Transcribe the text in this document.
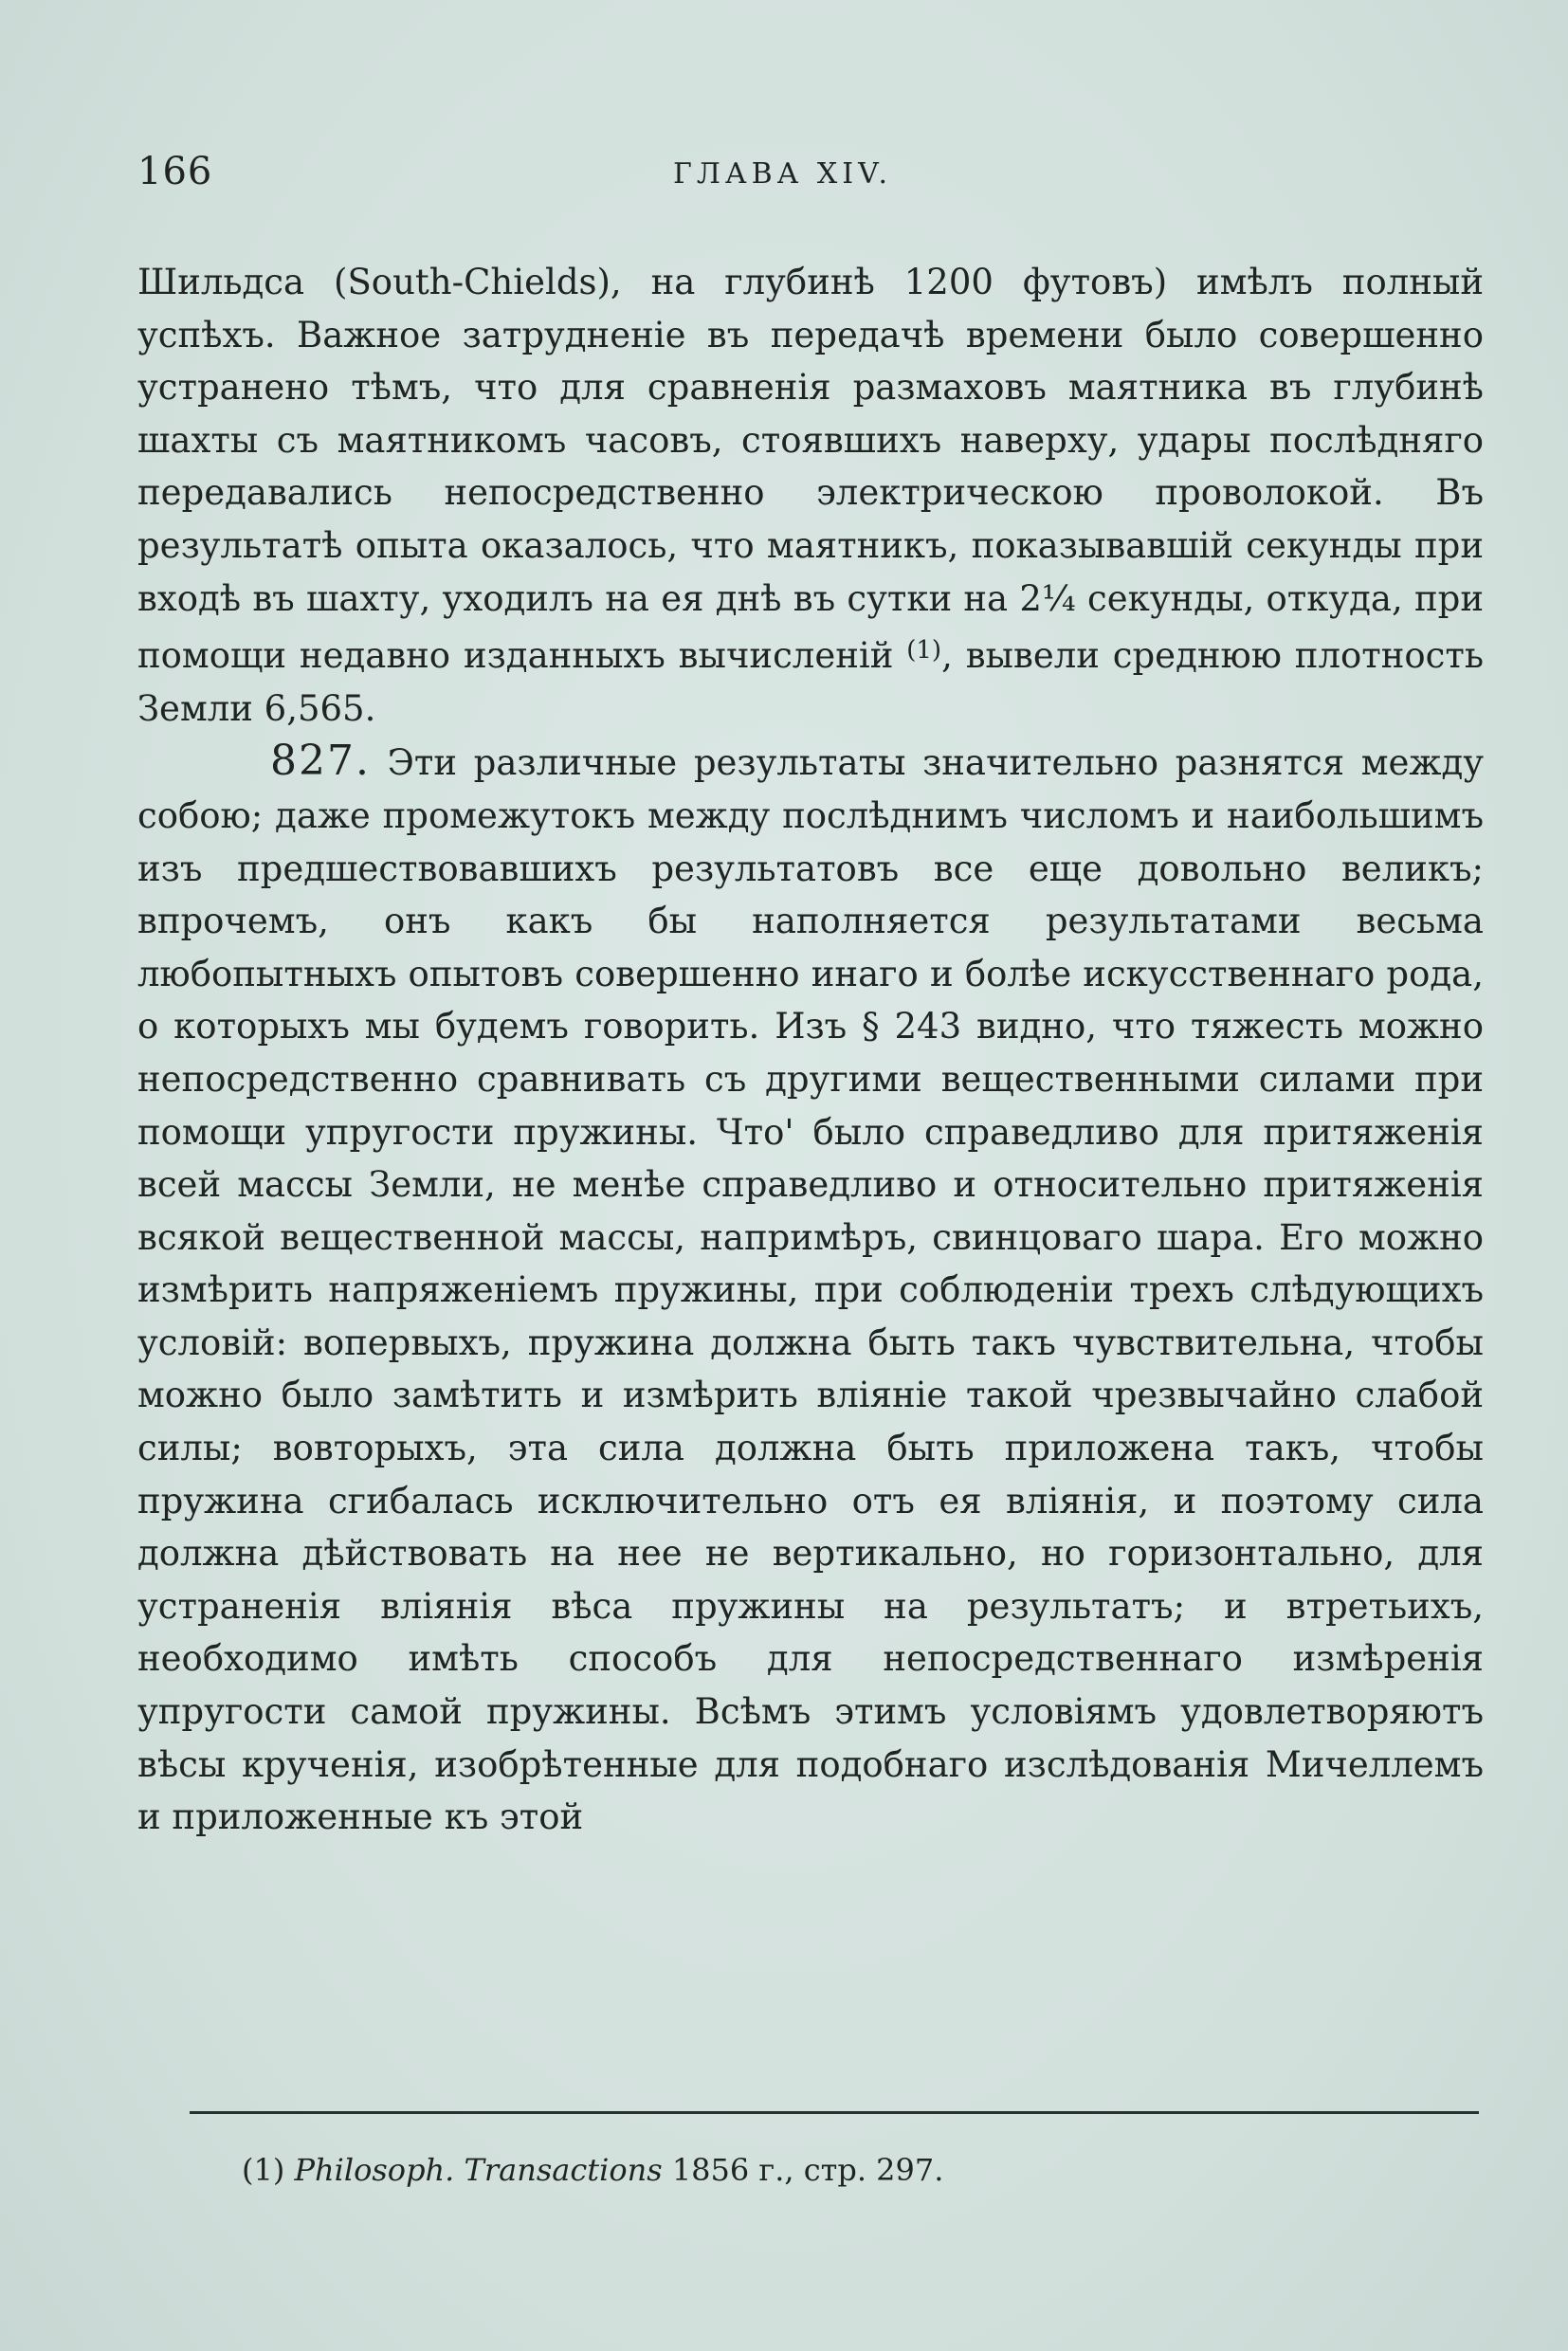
166	ГЛАВА XIV.

Шильдса (South-Chields), на глубинѣ 1200 футовъ) имѣлъ полный успѣхъ. Важное затрудненіе въ передачѣ времени было совершенно устранено тѣмъ, что для сравненія размаховъ маятника въ глубинѣ шахты съ маятникомъ часовъ, стоявшихъ наверху, удары послѣдняго передавались непосредственно электрическою проволокой. Въ результатѣ опыта оказалось, что маятникъ, показывавшій секунды при входѣ въ шахту, уходилъ на ея днѣ въ сутки на 2¼ секунды, откуда, при помощи недавно изданныхъ вычисленій $^{(1)}$, вывели среднюю плотность Земли 6,565.

827. Эти различные результаты значительно разнятся между собою; даже промежутокъ между послѣднимъ числомъ и наибольшимъ изъ предшествовавшихъ результатовъ все еще довольно великъ; впрочемъ, онъ какъ бы наполняется результатами весьма любопытныхъ опытовъ совершенно инаго и болѣе искусственнаго рода, о которыхъ мы будемъ говорить. Изъ § 243 видно, что тяжесть можно непосредственно сравнивать съ другими вещественными силами при помощи упругости пружины. Что' было справедливо для притяженія всей массы Земли, не менѣе справедливо и относительно притяженія всякой вещественной массы, напримѣръ, свинцоваго шара. Его можно измѣрить напряженіемъ пружины, при соблюденіи трехъ слѣдующихъ условій: вопервыхъ, пружина должна быть такъ чувствительна, чтобы можно было замѣтить и измѣрить вліяніе такой чрезвычайно слабой силы; вовторыхъ, эта сила должна быть приложена такъ, чтобы пружина сгибалась исключительно отъ ея вліянія, и поэтому сила должна дѣйствовать на нее не вертикально, но горизонтально, для устраненія вліянія вѣса пружины на результатъ; и втретьихъ, необходимо имѣть способъ для непосредственнаго измѣренія упругости самой пружины. Всѣмъ этимъ условіямъ удовлетворяютъ вѣсы крученія, изобрѣтенные для подобнаго изслѣдованія Мичеллемъ и приложенные къ этой

(1) Philosoph. Transactions 1856 г., стр. 297.
